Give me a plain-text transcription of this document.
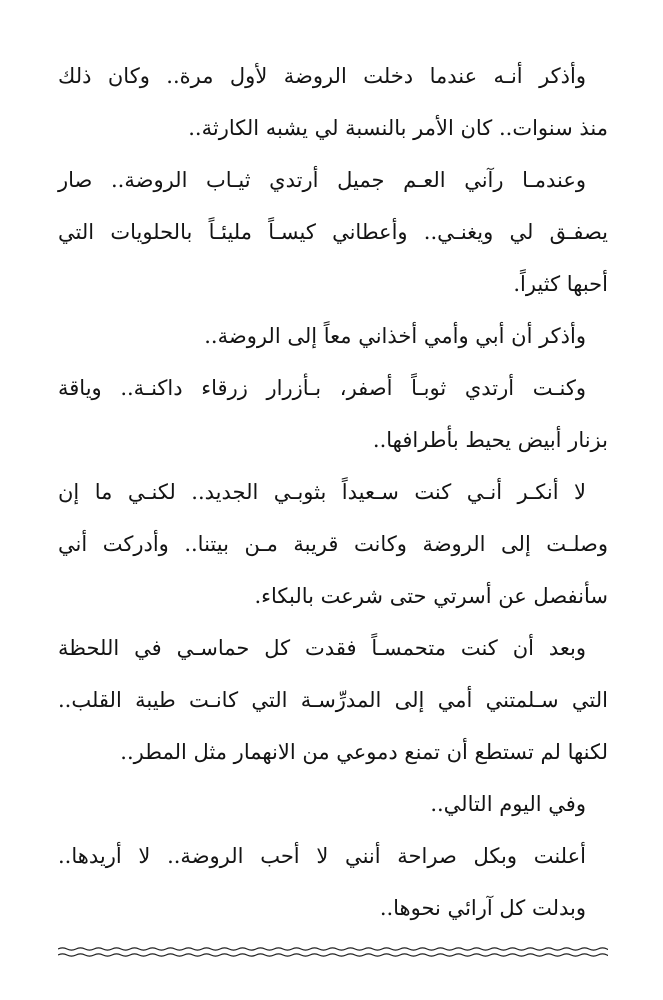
وأذكر أنـه عندما دخلت الروضة لأول مرة.. وكان ذلك
منذ سنوات.. كان الأمر بالنسبة لي يشبه الكارثة..
وعندمـا رآني العـم جميل أرتدي ثيـاب الروضة.. صار
يصفـق لي ويغنـي.. وأعطاني كيسـاً مليئـاً بالحلويات التي
أحبها كثيراً.
وأذكر أن أبي وأمي أخذاني معاً إلى الروضة..
وكنـت أرتدي ثوبـاً أصفر، بـأزرار زرقاء داكنـة.. وياقة
بزنار أبيض يحيط بأطرافها..
لا أنكـر أنـي كنت سـعيداً بثوبـي الجديد.. لكنـي ما إن
وصلـت إلى الروضة وكانت قريبة مـن بيتنا.. وأدركت أني
سأنفصل عن أسرتي حتى شرعت بالبكاء.
وبعد أن كنت متحمسـاً فقدت كل حماسـي في اللحظة
التي سـلمتني أمي إلى المدرِّسـة التي كانـت طيبة القلب..
لكنها لم تستطع أن تمنع دموعي من الانهمار مثل المطر..
وفي اليوم التالي..
أعلنت وبكل صراحة أنني لا أحب الروضة.. لا أريدها..
وبدلت كل آرائي نحوها..
